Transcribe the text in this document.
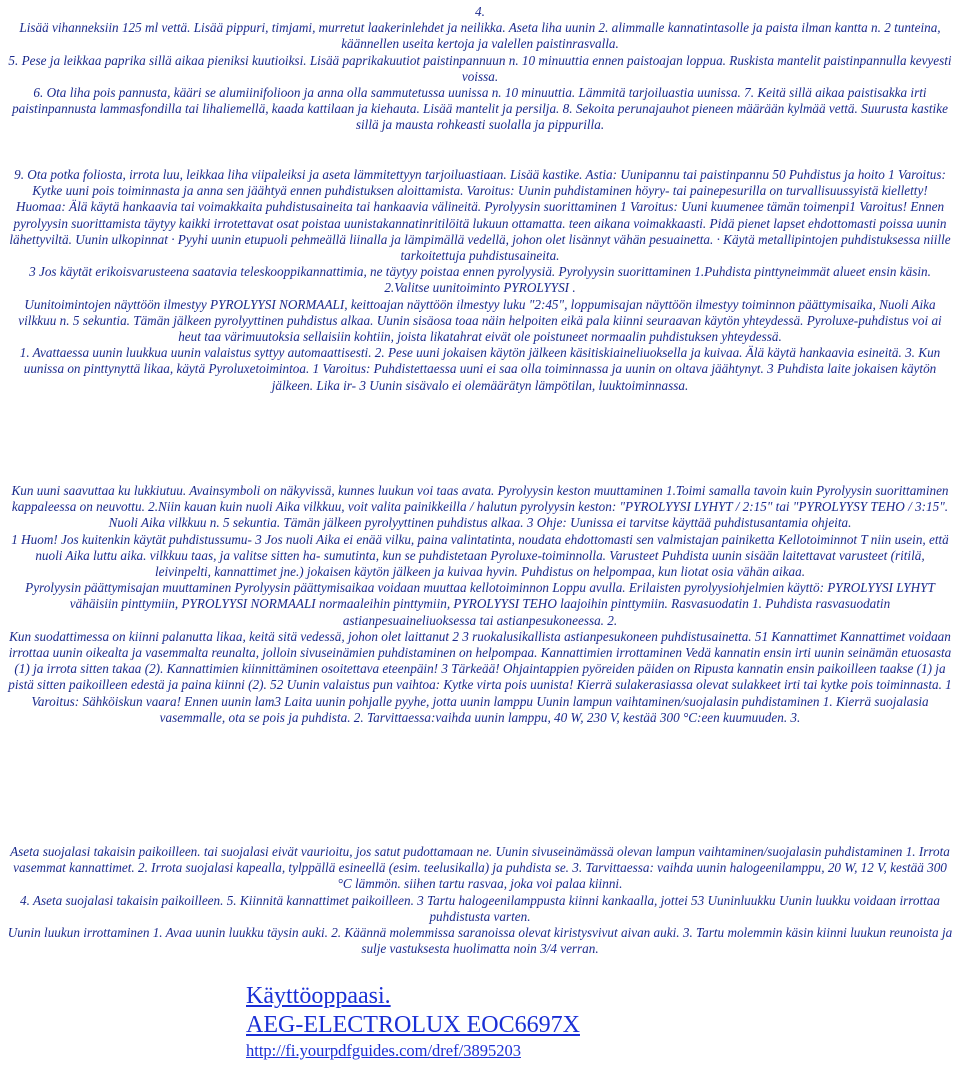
4.

Lisää vihanneksiin 125 ml vettä. Lisää pippuri, timjami, murretut laakerinlehdet ja neilikka. Aseta liha uunin 2. alimmalle kannatintasolle ja paista ilman kantta n. 2 tunteina, käännellen useita kertoja ja valellen paistinrasvalla.

5. Pese ja leikkaa paprika sillä aikaa pieniksi kuutioiksi. Lisää paprikakuutiot paistinpannuun n. 10 minuuttia ennen paistoajan loppua. Ruskista mantelit paistinpannulla kevyesti voissa.

6. Ota liha pois pannusta, kääri se alumiinifolioon ja anna olla sammutetussa uunissa n. 10 minuuttia. Lämmitä tarjoiluastia uunissa. 7. Keitä sillä aikaa paistisakka irti paistinpannusta lammasfondilla tai lihaliemellä, kaada kattilaan ja kiehauta. Lisää mantelit ja persilja. 8. Sekoita perunajauhot pieneen määrään kylmää vettä. Suurusta kastike sillä ja mausta rohkeasti suolalla ja pippurilla.

9. Ota potka foliosta, irrota luu, leikkaa liha viipaleiksi ja aseta lämmitettyyn tarjoiluastiaan. Lisää kastike. Astia: Uunipannu tai paistinpannu 50 Puhdistus ja hoito 1 Varoitus: Kytke uuni pois toiminnasta ja anna sen jäähtyä ennen puhdistuksen aloittamista. Varoitus: Uunin puhdistaminen höyry- tai painepesurilla on turvallisuussyistä kielletty! Huomaa: Älä käytä hankaavia tai voimakkaita puhdistusaineita tai hankaavia välineitä. Pyrolyysin suorittaminen 1 Varoitus: Uuni kuumenee tämän toimenpi1 Varoitus! Ennen pyrolyysin suorittamista täytyy kaikki irrotettavat osat poistaa uunistakannatinritilöitä lukuun ottamatta. teen aikana voimakkaasti. Pidä pienet lapset ehdottomasti poissa uunin lähettyviltä. Uunin ulkopinnat · Pyyhi uunin etupuoli pehmeällä liinalla ja lämpimällä vedellä, johon olet lisännyt vähän pesuainetta. · Käytä metallipintojen puhdistuksessa niille tarkoitettuja puhdistusaineita.

3 Jos käytät erikoisvarusteena saatavia teleskooppikannattimia, ne täytyy poistaa ennen pyrolyysiä. Pyrolyysin suorittaminen 1.Puhdista pinttyneimmät alueet ensin käsin. 2.Valitse uunitoiminto PYROLYYSI .

Uunitoimintojen näyttöön ilmestyy PYROLYYSI NORMAALI, keittoajan näyttöön ilmestyy luku "2:45", loppumisajan näyttöön ilmestyy toiminnon päättymisaika, Nuoli Aika vilkkuu n. 5 sekuntia. Tämän jälkeen pyrolyyttinen puhdistus alkaa. Uunin sisäosa toaa näin helpoiten eikä pala kiinni seuraavan käytön yhteydessä. Pyroluxe-puhdistus voi ai heut taa värimuutoksia sellaisiin kohtiin, joista likatahrat eivät ole poistuneet normaalin puhdistuksen yhteydessä.

1. Avattaessa uunin luukkua uunin valaistus syttyy automaattisesti. 2. Pese uuni jokaisen käytön jälkeen käsitiskiaineliuoksella ja kuivaa. Älä käytä hankaavia esineitä. 3. Kun uunissa on pinttynyttä likaa, käytä Pyroluxetoimintoa. 1 Varoitus: Puhdistettaessa uuni ei saa olla toiminnassa ja uunin on oltava jäähtynyt. 3 Puhdista laite jokaisen käytön jälkeen. Lika ir- 3 Uunin sisävalo ei olemäärätyn lämpötilan, luuktoiminnassa.

Kun uuni saavuttaa ku lukkiutuu. Avainsymboli on näkyvissä, kunnes luukun voi taas avata. Pyrolyysin keston muuttaminen 1.Toimi samalla tavoin kuin Pyrolyysin suorittaminen kappaleessa on neuvottu. 2.Niin kauan kuin nuoli Aika vilkkuu, voit valita painikkeilla / halutun pyrolyysin keston: "PYROLYYSI LYHYT / 2:15" tai "PYROLYYSY TEHO / 3:15". Nuoli Aika vilkkuu n. 5 sekuntia. Tämän jälkeen pyrolyyttinen puhdistus alkaa. 3 Ohje: Uunissa ei tarvitse käyttää puhdistusantamia ohjeita.

1 Huom! Jos kuitenkin käytät puhdistussumu- 3 Jos nuoli Aika ei enää vilku, paina valintatinta, noudata ehdottomasti sen valmistajan painiketta Kellotoiminnot T niin usein, että nuoli Aika luttu aika. vilkkuu taas, ja valitse sitten ha- sumutinta, kun se puhdistetaan Pyroluxe-toiminnolla. Varusteet Puhdista uunin sisään laitettavat varusteet (ritilä, leivinpelti, kannattimet jne.) jokaisen käytön jälkeen ja kuivaa hyvin. Puhdistus on helpompaa, kun liotat osia vähän aikaa.

Pyrolyysin päättymisajan muuttaminen Pyrolyysin päättymisaikaa voidaan muuttaa kellotoiminnon Loppu avulla. Erilaisten pyrolyysiohjelmien käyttö: PYROLYYSI LYHYT vähäisiin pinttymiin, PYROLYYSI NORMAALI normaaleihin pinttymiin, PYROLYYSI TEHO laajoihin pinttymiin. Rasvasuodatin 1. Puhdista rasvasuodatin astianpesuaineliuoksessa tai astianpesukoneessa. 2.

Kun suodattimessa on kiinni palanutta likaa, keitä sitä vedessä, johon olet laittanut 2 3 ruokalusikallista astianpesukoneen puhdistusainetta. 51 Kannattimet Kannattimet voidaan irrottaa uunin oikealta ja vasemmalta reunalta, jolloin sivuseinämien puhdistaminen on helpompaa. Kannattimien irrottaminen Vedä kannatin ensin irti uunin seinämän etuosasta (1) ja irrota sitten takaa (2). Kannattimien kiinnittäminen osoitettava eteenpäin! 3 Tärkeää! Ohjaintappien pyöreiden päiden on Ripusta kannatin ensin paikoilleen taakse (1) ja pistä sitten paikoilleen edestä ja paina kiinni (2). 52 Uunin valaistus pun vaihtoa: Kytke virta pois uunista! Kierrä sulakerasiassa olevat sulakkeet irti tai kytke pois toiminnasta. 1 Varoitus: Sähköiskun vaara! Ennen uunin lam3 Laita uunin pohjalle pyyhe, jotta uunin lamppu Uunin lampun vaihtaminen/suojalasin puhdistaminen 1. Kierrä suojalasia vasemmalle, ota se pois ja puhdista. 2. Tarvittaessa:vaihda uunin lamppu, 40 W, 230 V, kestää 300 °C:een kuumuuden. 3.

Aseta suojalasi takaisin paikoilleen. tai suojalasi eivät vaurioitu, jos satut pudottamaan ne. Uunin sivuseinämässä olevan lampun vaihtaminen/suojalasin puhdistaminen 1. Irrota vasemmat kannattimet. 2. Irrota suojalasi kapealla, tylppällä esineellä (esim. teelusikalla) ja puhdista se. 3. Tarvittaessa: vaihda uunin halogeenilamppu, 20 W, 12 V, kestää 300 °C lämmön. siihen tartu rasvaa, joka voi palaa kiinni.

4. Aseta suojalasi takaisin paikoilleen. 5. Kiinnitä kannattimet paikoilleen. 3 Tartu halogeenilamppusta kiinni kankaalla, jottei 53 Uuninluukku Uunin luukku voidaan irrottaa puhdistusta varten.

Uunin luukun irrottaminen 1. Avaa uunin luukku täysin auki. 2. Käännä molemmissa saranoissa olevat kiristysvivut aivan auki. 3. Tartu molemmin käsin kiinni luukun reunoista ja sulje vastuksesta huolimatta noin 3/4 verran.

Käyttöoppaasi.
AEG-ELECTROLUX EOC6697X
http://fi.yourpdfguides.com/dref/3895203
